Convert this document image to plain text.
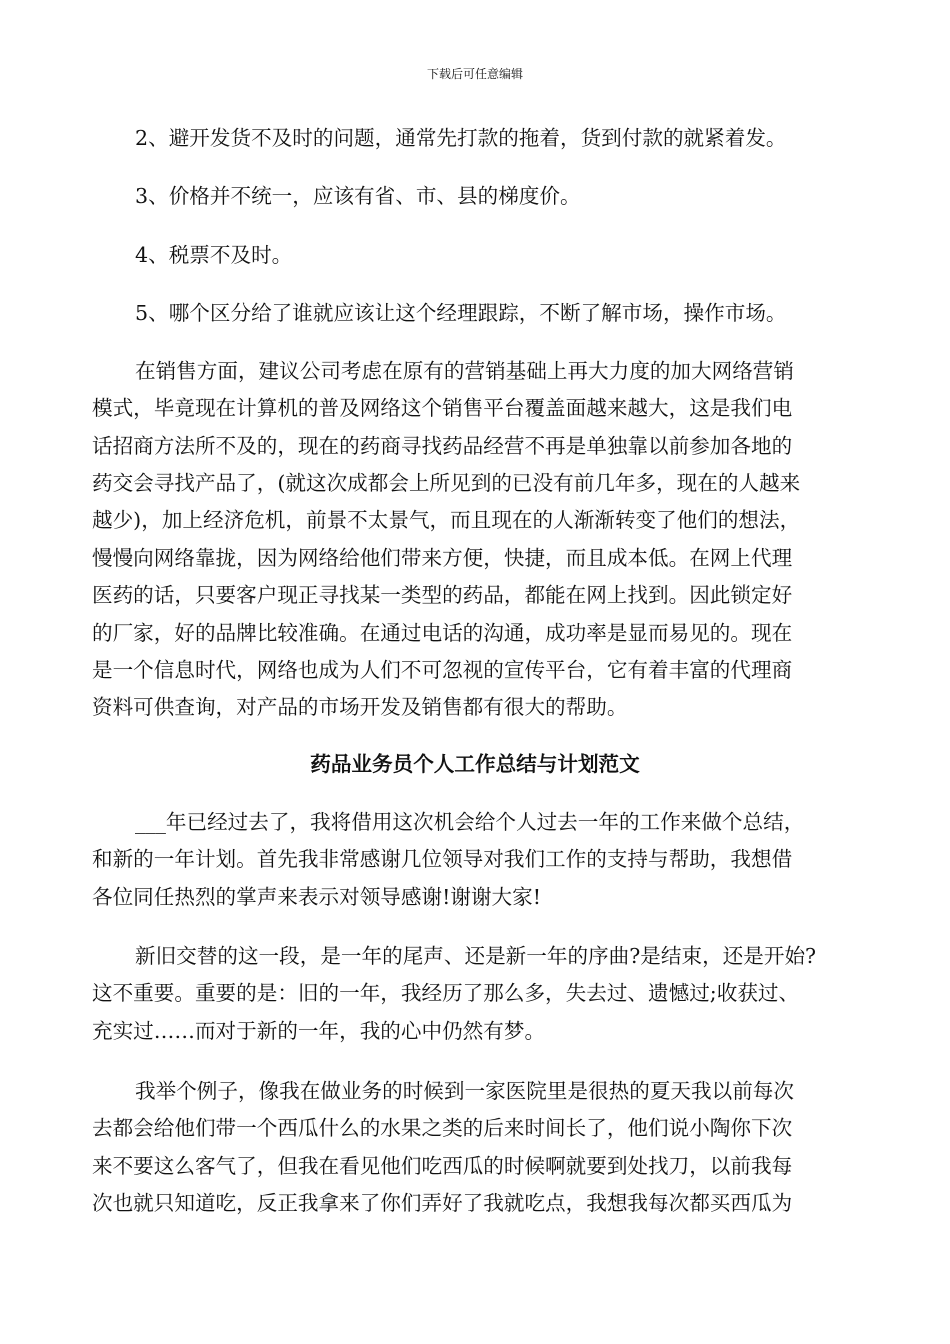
下载后可任意编辑
2、避开发货不及时的问题，通常先打款的拖着，货到付款的就紧着发。
3、价格并不统一，应该有省、市、县的梯度价。
4、税票不及时。
5、哪个区分给了谁就应该让这个经理跟踪，不断了解市场，操作市场。
在销售方面，建议公司考虑在原有的营销基础上再大力度的加大网络营销
模式，毕竟现在计算机的普及网络这个销售平台覆盖面越来越大，这是我们电
话招商方法所不及的，现在的药商寻找药品经营不再是单独靠以前参加各地的
药交会寻找产品了，(就这次成都会上所见到的已没有前几年多，现在的人越来
越少)，加上经济危机，前景不太景气，而且现在的人渐渐转变了他们的想法，
慢慢向网络靠拢，因为网络给他们带来方便，快捷，而且成本低。在网上代理
医药的话，只要客户现正寻找某一类型的药品，都能在网上找到。因此锁定好
的厂家，好的品牌比较准确。在通过电话的沟通，成功率是显而易见的。现在
是一个信息时代，网络也成为人们不可忽视的宣传平台，它有着丰富的代理商
资料可供查询，对产品的市场开发及销售都有很大的帮助。
药品业务员个人工作总结与计划范文
___年已经过去了，我将借用这次机会给个人过去一年的工作来做个总结，
和新的一年计划。首先我非常感谢几位领导对我们工作的支持与帮助，我想借
各位同任热烈的掌声来表示对领导感谢!谢谢大家!
新旧交替的这一段，是一年的尾声、还是新一年的序曲?是结束，还是开始?
这不重要。重要的是：旧的一年，我经历了那么多，失去过、遗憾过;收获过、
充实过……而对于新的一年，我的心中仍然有梦。
我举个例子，像我在做业务的时候到一家医院里是很热的夏天我以前每次
去都会给他们带一个西瓜什么的水果之类的后来时间长了，他们说小陶你下次
来不要这么客气了，但我在看见他们吃西瓜的时候啊就要到处找刀，以前我每
次也就只知道吃，反正我拿来了你们弄好了我就吃点，我想我每次都买西瓜为
